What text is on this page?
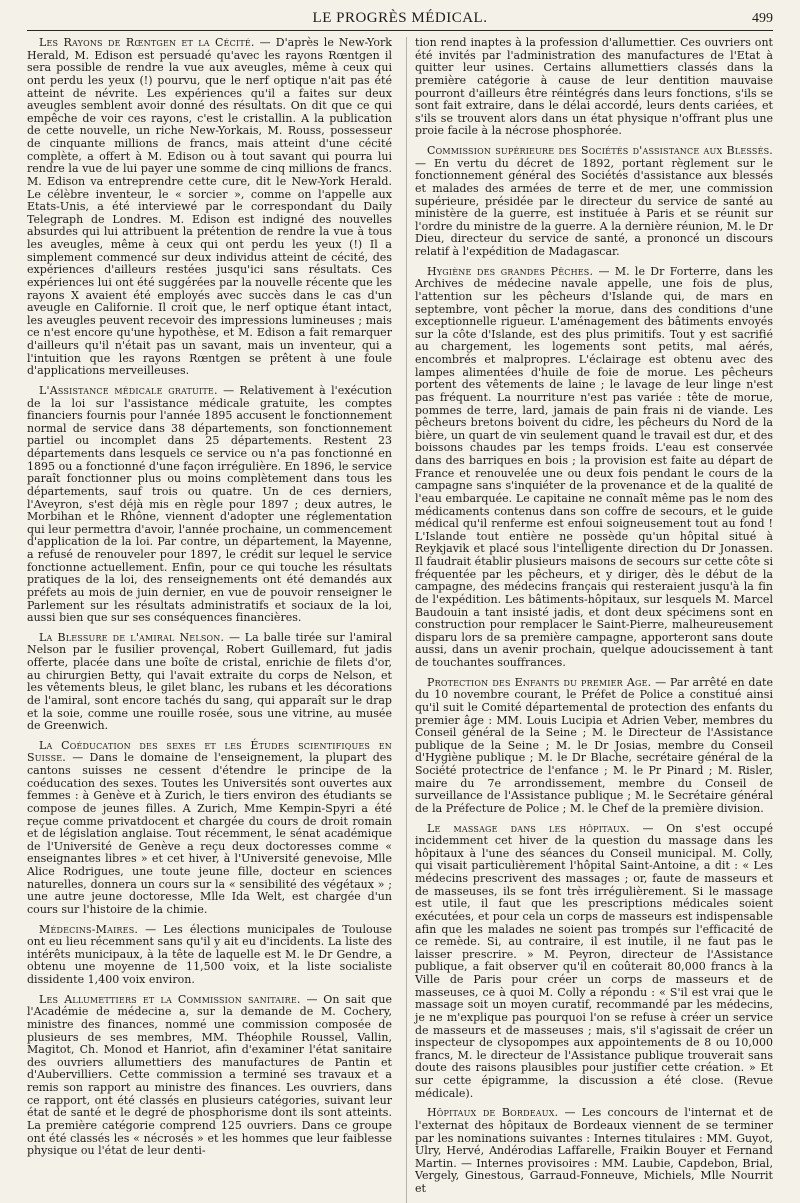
LE PROGRÈS MÉDICAL.	499

Les Rayons de Rœntgen et la Cécité. — D'après le New-York Herald, M. Edison est persuadé qu'avec les rayons Rœntgen il sera possible de rendre la vue aux aveugles, même à ceux qui ont perdu les yeux (!) pourvu, que le nerf optique n'ait pas été atteint de névrite. Les expériences qu'il a faites sur deux aveugles semblent avoir donné des résultats. On dit que ce qui empêche de voir ces rayons, c'est le cristallin. A la publication de cette nouvelle, un riche New-Yorkais, M. Rouss, possesseur de cinquante millions de francs, mais atteint d'une cécité complète, a offert à M. Edison ou à tout savant qui pourra lui rendre la vue de lui payer une somme de cinq millions de francs. M. Edison va entreprendre cette cure, dit le New-York Herald. Le célèbre inventeur, le « sorcier », comme on l'appelle aux Etats-Unis, a été interviewé par le correspondant du Daily Telegraph de Londres. M. Edison est indigné des nouvelles absurdes qui lui attribuent la prétention de rendre la vue à tous les aveugles, même à ceux qui ont perdu les yeux (!) Il a simplement commencé sur deux individus atteint de cécité, des expériences d'ailleurs restées jusqu'ici sans résultats. Ces expériences lui ont été suggérées par la nouvelle récente que les rayons X avaient été employés avec succès dans le cas d'un aveugle en Californie. Il croit que, le nerf optique étant intact, les aveugles peuvent recevoir des impressions lumineuses ; mais ce n'est encore qu'une hypothèse, et M. Edison a fait remarquer d'ailleurs qu'il n'était pas un savant, mais un inventeur, qui a l'intuition que les rayons Rœntgen se prêtent à une foule d'applications merveilleuses.

L'Assistance médicale gratuite. — Relativement à l'exécution de la loi sur l'assistance médicale gratuite, les comptes financiers fournis pour l'année 1895 accusent le fonctionnement normal de service dans 38 départements, son fonctionnement partiel ou incomplet dans 25 départements. Restent 23 départements dans lesquels ce service ou n'a pas fonctionné en 1895 ou a fonctionné d'une façon irrégulière. En 1896, le service paraît fonctionner plus ou moins complètement dans tous les départements, sauf trois ou quatre. Un de ces derniers, l'Aveyron, s'est déjà mis en règle pour 1897 ; deux autres, le Morbihan et le Rhône, viennent d'adopter une réglementation qui leur permettra d'avoir, l'année prochaine, un commencement d'application de la loi. Par contre, un département, la Mayenne, a refusé de renouveler pour 1897, le crédit sur lequel le service fonctionne actuellement. Enfin, pour ce qui touche les résultats pratiques de la loi, des renseignements ont été demandés aux préfets au mois de juin dernier, en vue de pouvoir renseigner le Parlement sur les résultats administratifs et sociaux de la loi, aussi bien que sur ses conséquences financières.

La Blessure de l'amiral Nelson. — La balle tirée sur l'amiral Nelson par le fusilier provençal, Robert Guillemard, fut jadis offerte, placée dans une boîte de cristal, enrichie de filets d'or, au chirurgien Betty, qui l'avait extraite du corps de Nelson, et les vêtements bleus, le gilet blanc, les rubans et les décorations de l'amiral, sont encore tachés du sang, qui apparaît sur le drap et la soie, comme une rouille rosée, sous une vitrine, au musée de Greenwich.

La Coéducation des sexes et les Études scientifiques en Suisse. — Dans le domaine de l'enseignement, la plupart des cantons suisses ne cessent d'étendre le principe de la coéducation des sexes. Toutes les Universités sont ouvertes aux femmes : à Genève et à Zurich, le tiers environ des étudiants se compose de jeunes filles. A Zurich, Mme Kempin-Spyri a été reçue comme privatdocent et chargée du cours de droit romain et de législation anglaise. Tout récemment, le sénat académique de l'Université de Genève a reçu deux doctoresses comme « enseignantes libres » et cet hiver, à l'Université genevoise, Mlle Alice Rodrigues, une toute jeune fille, docteur en sciences naturelles, donnera un cours sur la « sensibilité des végétaux » ; une autre jeune doctoresse, Mlle Ida Welt, est chargée d'un cours sur l'histoire de la chimie.

Médecins-Maires. — Les élections municipales de Toulouse ont eu lieu récemment sans qu'il y ait eu d'incidents. La liste des intérêts municipaux, à la tête de laquelle est M. le Dr Gendre, a obtenu une moyenne de 11,500 voix, et la liste socialiste dissidente 1,400 voix environ.

Les Allumettiers et la Commission sanitaire. — On sait que l'Académie de médecine a, sur la demande de M. Cochery, ministre des finances, nommé une commission composée de plusieurs de ses membres, MM. Théophile Roussel, Vallin, Magitot, Ch. Monod et Hanriot, afin d'examiner l'état sanitaire des ouvriers allumettiers des manufactures de Pantin et d'Aubervilliers. Cette commission a terminé ses travaux et a remis son rapport au ministre des finances. Les ouvriers, dans ce rapport, ont été classés en plusieurs catégories, suivant leur état de santé et le degré de phosphorisme dont ils sont atteints. La première catégorie comprend 125 ouvriers. Dans ce groupe ont été classés les « nécrosés » et les hommes que leur faiblesse physique ou l'état de leur denti-

tion rend inaptes à la profession d'allumettier. Ces ouvriers ont été invités par l'administration des manufactures de l'Etat à quitter leur usines. Certains allumettiers classés dans la première catégorie à cause de leur dentition mauvaise pourront d'ailleurs être réintégrés dans leurs fonctions, s'ils se sont fait extraire, dans le délai accordé, leurs dents cariées, et s'ils se trouvent alors dans un état physique n'offrant plus une proie facile à la nécrose phosphorée.

Commission supérieure des Sociétés d'assistance aux Blessés. — En vertu du décret de 1892, portant règlement sur le fonctionnement général des Sociétés d'assistance aux blessés et malades des armées de terre et de mer, une commission supérieure, présidée par le directeur du service de santé au ministère de la guerre, est instituée à Paris et se réunit sur l'ordre du ministre de la guerre. A la dernière réunion, M. le Dr Dieu, directeur du service de santé, a prononcé un discours relatif à l'expédition de Madagascar.

Hygiène des grandes Pêches. — M. le Dr Forterre, dans les Archives de médecine navale appelle, une fois de plus, l'attention sur les pêcheurs d'Islande qui, de mars en septembre, vont pêcher la morue, dans des conditions d'une exceptionnelle rigueur. L'aménagement des bâtiments envoyés sur la côte d'Islande, est des plus primitifs. Tout y est sacrifié au chargement, les logements sont petits, mal aérés, encombrés et malpropres. L'éclairage est obtenu avec des lampes alimentées d'huile de foie de morue. Les pêcheurs portent des vêtements de laine ; le lavage de leur linge n'est pas fréquent. La nourriture n'est pas variée : tête de morue, pommes de terre, lard, jamais de pain frais ni de viande. Les pêcheurs bretons boivent du cidre, les pêcheurs du Nord de la bière, un quart de vin seulement quand le travail est dur, et des boissons chaudes par les temps froids. L'eau est conservée dans des barriques en bois ; la provision est faite au départ de France et renouvelée une ou deux fois pendant le cours de la campagne sans s'inquiéter de la provenance et de la qualité de l'eau embarquée. Le capitaine ne connaît même pas le nom des médicaments contenus dans son coffre de secours, et le guide médical qu'il renferme est enfoui soigneusement tout au fond ! L'Islande tout entière ne possède qu'un hôpital situé à Reykjavik et placé sous l'intelligente direction du Dr Jonassen. Il faudrait établir plusieurs maisons de secours sur cette côte si fréquentée par les pêcheurs, et y diriger, dès le début de la campagne, des médecins français qui resteraient jusqu'à la fin de l'expédition. Les bâtiments-hôpitaux, sur lesquels M. Marcel Baudouin a tant insisté jadis, et dont deux spécimens sont en construction pour remplacer le Saint-Pierre, malheureusement disparu lors de sa première campagne, apporteront sans doute aussi, dans un avenir prochain, quelque adoucissement à tant de touchantes souffrances.

Protection des Enfants du premier Age. — Par arrêté en date du 10 novembre courant, le Préfet de Police a constitué ainsi qu'il suit le Comité départemental de protection des enfants du premier âge : MM. Louis Lucipia et Adrien Veber, membres du Conseil général de la Seine ; M. le Directeur de l'Assistance publique de la Seine ; M. le Dr Josias, membre du Conseil d'Hygiène publique ; M. le Dr Blache, secrétaire général de la Société protectrice de l'enfance ; M. le Pr Pinard ; M. Risler, maire du 7e arrondissement, membre du Conseil de surveillance de l'Assistance publique ; M. le Secrétaire général de la Préfecture de Police ; M. le Chef de la première division.

Le massage dans les hôpitaux. — On s'est occupé incidemment cet hiver de la question du massage dans les hôpitaux à l'une des séances du Conseil municipal. M. Colly, qui visait particulièrement l'hôpital Saint-Antoine, a dit : « Les médecins prescrivent des massages ; or, faute de masseurs et de masseuses, ils se font très irrégulièrement. Si le massage est utile, il faut que les prescriptions médicales soient exécutées, et pour cela un corps de masseurs est indispensable afin que les malades ne soient pas trompés sur l'efficacité de ce remède. Si, au contraire, il est inutile, il ne faut pas le laisser prescrire. » M. Peyron, directeur de l'Assistance publique, a fait observer qu'il en coûterait 80,000 francs à la Ville de Paris pour créer un corps de masseurs et de masseuses, ce à quoi M. Colly a répondu : « S'il est vrai que le massage soit un moyen curatif, recommandé par les médecins, je ne m'explique pas pourquoi l'on se refuse à créer un service de masseurs et de masseuses ; mais, s'il s'agissait de créer un inspecteur de clysopompes aux appointements de 8 ou 10,000 francs, M. le directeur de l'Assistance publique trouverait sans doute des raisons plausibles pour justifier cette création. » Et sur cette épigramme, la discussion a été close. (Revue médicale).

Hôpitaux de Bordeaux. — Les concours de l'internat et de l'externat des hôpitaux de Bordeaux viennent de se terminer par les nominations suivantes : Internes titulaires : MM. Guyot, Ulry, Hervé, Andérodias Laffarelle, Fraikin Bouyer et Fernand Martin. — Internes provisoires : MM. Laubie, Capdebon, Brial, Vergely, Ginestous, Garraud-Fonneuve, Michiels, Mlle Nourrit et
